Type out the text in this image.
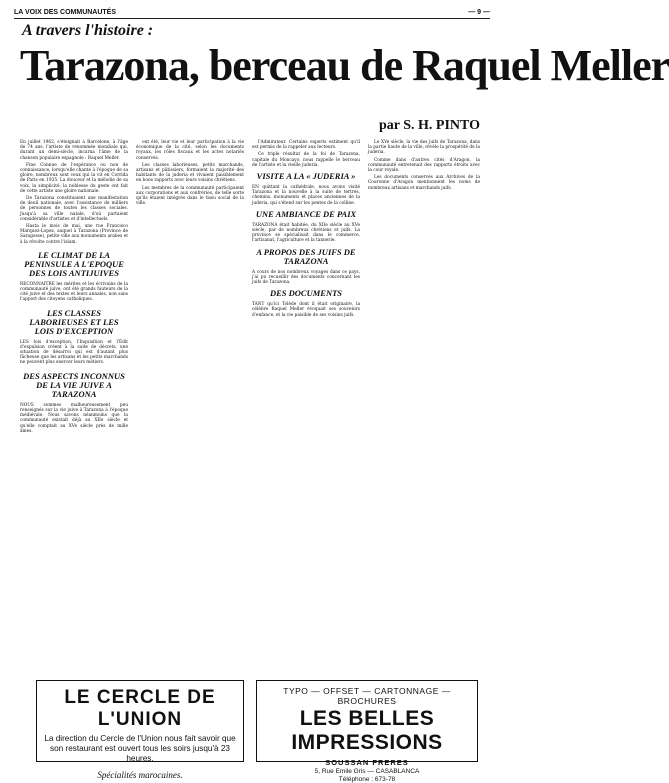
LA VOIX DES COMMUNAUTÉS	— 9 —
A travers l'histoire :
Tarazona, berceau de Raquel Meller
par S. H. PINTO

En juillet 1962, s'éteignait à Barcelone, à l'âge de 74 ans, l'artiste de renommée mondiale qui, durant un demi-siècle, incarna l'âme de la chanson populaire espagnole : Raquel Meller.

Fine Connue de l'espérance ou non de connaissance, lorsqu'elle chante à l'époque de sa gloire, nombreux sont ceux qui la vit en Corrida de Paris en 1935. La douceur et la mélodie de sa voix, la simplicité, la noblesse du geste ont fait de cette artiste une gloire nationale.

De Tarazona constituaient une manifestation de deuil nationale, avec l'assistance de milliers de personnes de toutes les classes sociales. Jusqu'à sa ville natale, d'où partaient considérable d'artistes et d'intellectuels.

Hasta le mois de mai, une rue Francisco Marquez-Lopez, auquel à Tarazona (Province de Saragosse), petite ville aux monuments arabes et à la révolte contre l'islam.

LE CLIMAT DE LA PENINSULE A L'EPOQUE DES LOIS ANTIJUIVES

RECONNAITRE les mérites et les écrivains de la communauté juive, ont été grands fauteurs de la cité juive et des textes et leurs annales, non sans l'apport des citoyens catholiques.

LES CLASSES LABORIEUSES ET LES LOIS D'EXCEPTION

LES lois d'exception, l'Inquisition et l'Édit d'expulsion créent à la suite de décrets, une situation de désarroi qui est d'autant plus fâcheuse que les artisans et les petits marchands ne peuvent plus exercer leurs métiers.

DES ASPECTS INCONNUS DE LA VIE JUIVE A TARAZONA

NOUS sommes malheureusement peu renseignés sur la vie juive à Tarazona à l'époque médiévale. Nous savons néanmoins que la communauté existait déjà au XIIe siècle et qu'elle comptait au XVe siècle près de mille âmes.

ont été, leur vie et leur participation à la vie économique de la cité, selon les documents royaux, les rôles fiscaux et les actes notariés conservés.

Les classes laborieuses, petits marchands, artisans et pâtissiers, formaient la majorité des habitants de la juderia et vivaient paisiblement en bons rapports avec leurs voisins chrétiens.

Les membres de la communauté participaient aux corporations et aux confréries, de telle sorte qu'ils étaient intégrés dans le tissu social de la ville.

l'Admirateur. Certains experts estiment qu'il est permis de la rappeler aux lecteurs.

Ce triple résultat de la foi de Tarazona, capitale du Moncayo, nous rappelle le berceau de l'artiste et la vieille juderia.

VISITE A LA « JUDERIA »

EN quittant la cathédrale, nous avons visité Tarazona et la nouvelle à la suite de tertres, chemins, monuments et places anciennes de la juderia, qui s'étend sur les pentes de la colline.

UNE AMBIANCE DE PAIX

TARAZONA était habitée, du XIIe siècle au XVe siècle, par de nombreux chrétiens et juifs. La province se spécialisait dans le commerce, l'artisanat, l'agriculture et la tannerie.

A PROPOS DES JUIFS DE TARAZONA

A cours de nos nombreux voyages dans ce pays, j'ai pu recueillir des documents concernant les juifs de Tarazona.

DES DOCUMENTS

TANT qu'ici Tolède dont il était originaire, la célèbre Raquel Meller évoquait ses souvenirs d'enfance, et la vie paisible de ses voisins juifs.

Le XVe siècle, la vie des juifs de Tarazona, dans la partie haute de la ville, révèle la prospérité de la juderia.

Comme dans d'autres cités d'Aragon, la communauté entretenait des rapports étroits avec la cour royale.

Les documents conservés aux Archives de la Couronne d'Aragon mentionnent les noms de nombreux artisans et marchands juifs.

LE CERCLE DE L'UNION
La direction du Cercle de l'Union nous fait savoir que son restaurant est ouvert tous les soirs jusqu'à 23 heures.
Spécialités marocaines.
TYPO — OFFSET — CARTONNAGE — BROCHURES
LES BELLES IMPRESSIONS
SOUSSAN FRERES
5, Rue Emile Gris — CASABLANCA
Téléphone : 673-78
